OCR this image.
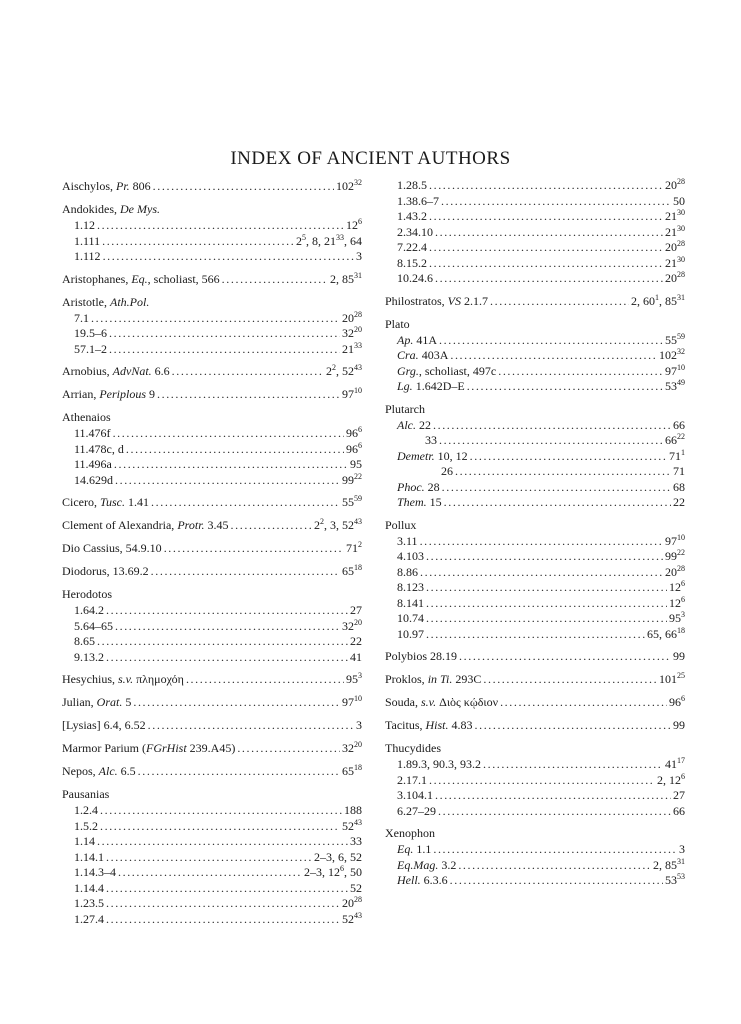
INDEX OF ANCIENT AUTHORS
Aischylos, Pr. 806 .....	$102^{32}$
Andokides, De Mys.
1.12 .....	$12^6$
1.111 .....	$2^5$, 8, $21^{33}$, 64
1.112 .....	3
Aristophanes, Eq., scholiast, 566 .....	2, $85^{31}$
Aristotle, Ath.Pol.
7.1 .....	$20^{28}$
19.5–6 .....	$32^{20}$
57.1–2 .....	$21^{33}$
Arnobius, AdvNat. 6.6 .....	$2^2$, $52^{43}$
Arrian, Periplous 9 .....	$97^{10}$
Athenaios
11.476f .....	$96^6$
11.478c, d .....	$96^6$
11.496a .....	95
14.629d .....	$99^{22}$
Cicero, Tusc. 1.41 .....	$55^{59}$
Clement of Alexandria, Protr. 3.45 .....	$2^2$, 3, $52^{43}$
Dio Cassius, 54.9.10 .....	$71^2$
Diodorus, 13.69.2 .....	$65^{18}$
Herodotos
1.64.2 .....	27
5.64–65 .....	$32^{20}$
8.65 .....	22
9.13.2 .....	41
Hesychius, s.v. πλημοχόη .....	$95^3$
Julian, Orat. 5 .....	$97^{10}$
[Lysias] 6.4, 6.52 .....	3
Marmor Parium (FGrHist 239.A45) .....	$32^{20}$
Nepos, Alc. 6.5 .....	$65^{18}$
Pausanias
1.2.4 .....	188
1.5.2 .....	$52^{43}$
1.14 .....	33
1.14.1 .....	2–3, 6, 52
1.14.3–4 .....	2–3, $12^6$, 50
1.14.4 .....	52
1.23.5 .....	$20^{28}$
1.27.4 .....	$52^{43}$
1.28.5 .....	$20^{28}$
1.38.6–7 .....	50
1.43.2 .....	$21^{30}$
2.34.10 .....	$21^{30}$
7.22.4 .....	$20^{28}$
8.15.2 .....	$21^{30}$
10.24.6 .....	$20^{28}$
Philostratos, VS 2.1.7 .....	2, $60^1$, $85^{31}$
Plato
Ap. 41A .....	$55^{59}$
Cra. 403A .....	$102^{32}$
Grg., scholiast, 497c .....	$97^{10}$
Lg. 1.642D–E .....	$53^{49}$
Plutarch
Alc. 22 .....	66
33 .....	$66^{22}$
Demetr. 10, 12 .....	$71^1$
26 .....	71
Phoc. 28 .....	68
Them. 15 .....	22
Pollux
3.11 .....	$97^{10}$
4.103 .....	$99^{22}$
8.86 .....	$20^{28}$
8.123 .....	$12^6$
8.141 .....	$12^6$
10.74 .....	$95^3$
10.97 .....	65, $66^{18}$
Polybios 28.19 .....	99
Proklos, in Ti. 293C .....	$101^{25}$
Souda, s.v. Διὸς κῴδιον .....	$96^6$
Tacitus, Hist. 4.83 .....	99
Thucydides
1.89.3, 90.3, 93.2 .....	$41^{17}$
2.17.1 .....	2, $12^6$
3.104.1 .....	27
6.27–29 .....	66
Xenophon
Eq. 1.1 .....	3
Eq.Mag. 3.2 .....	2, $85^{31}$
Hell. 6.3.6 .....	$53^{53}$
